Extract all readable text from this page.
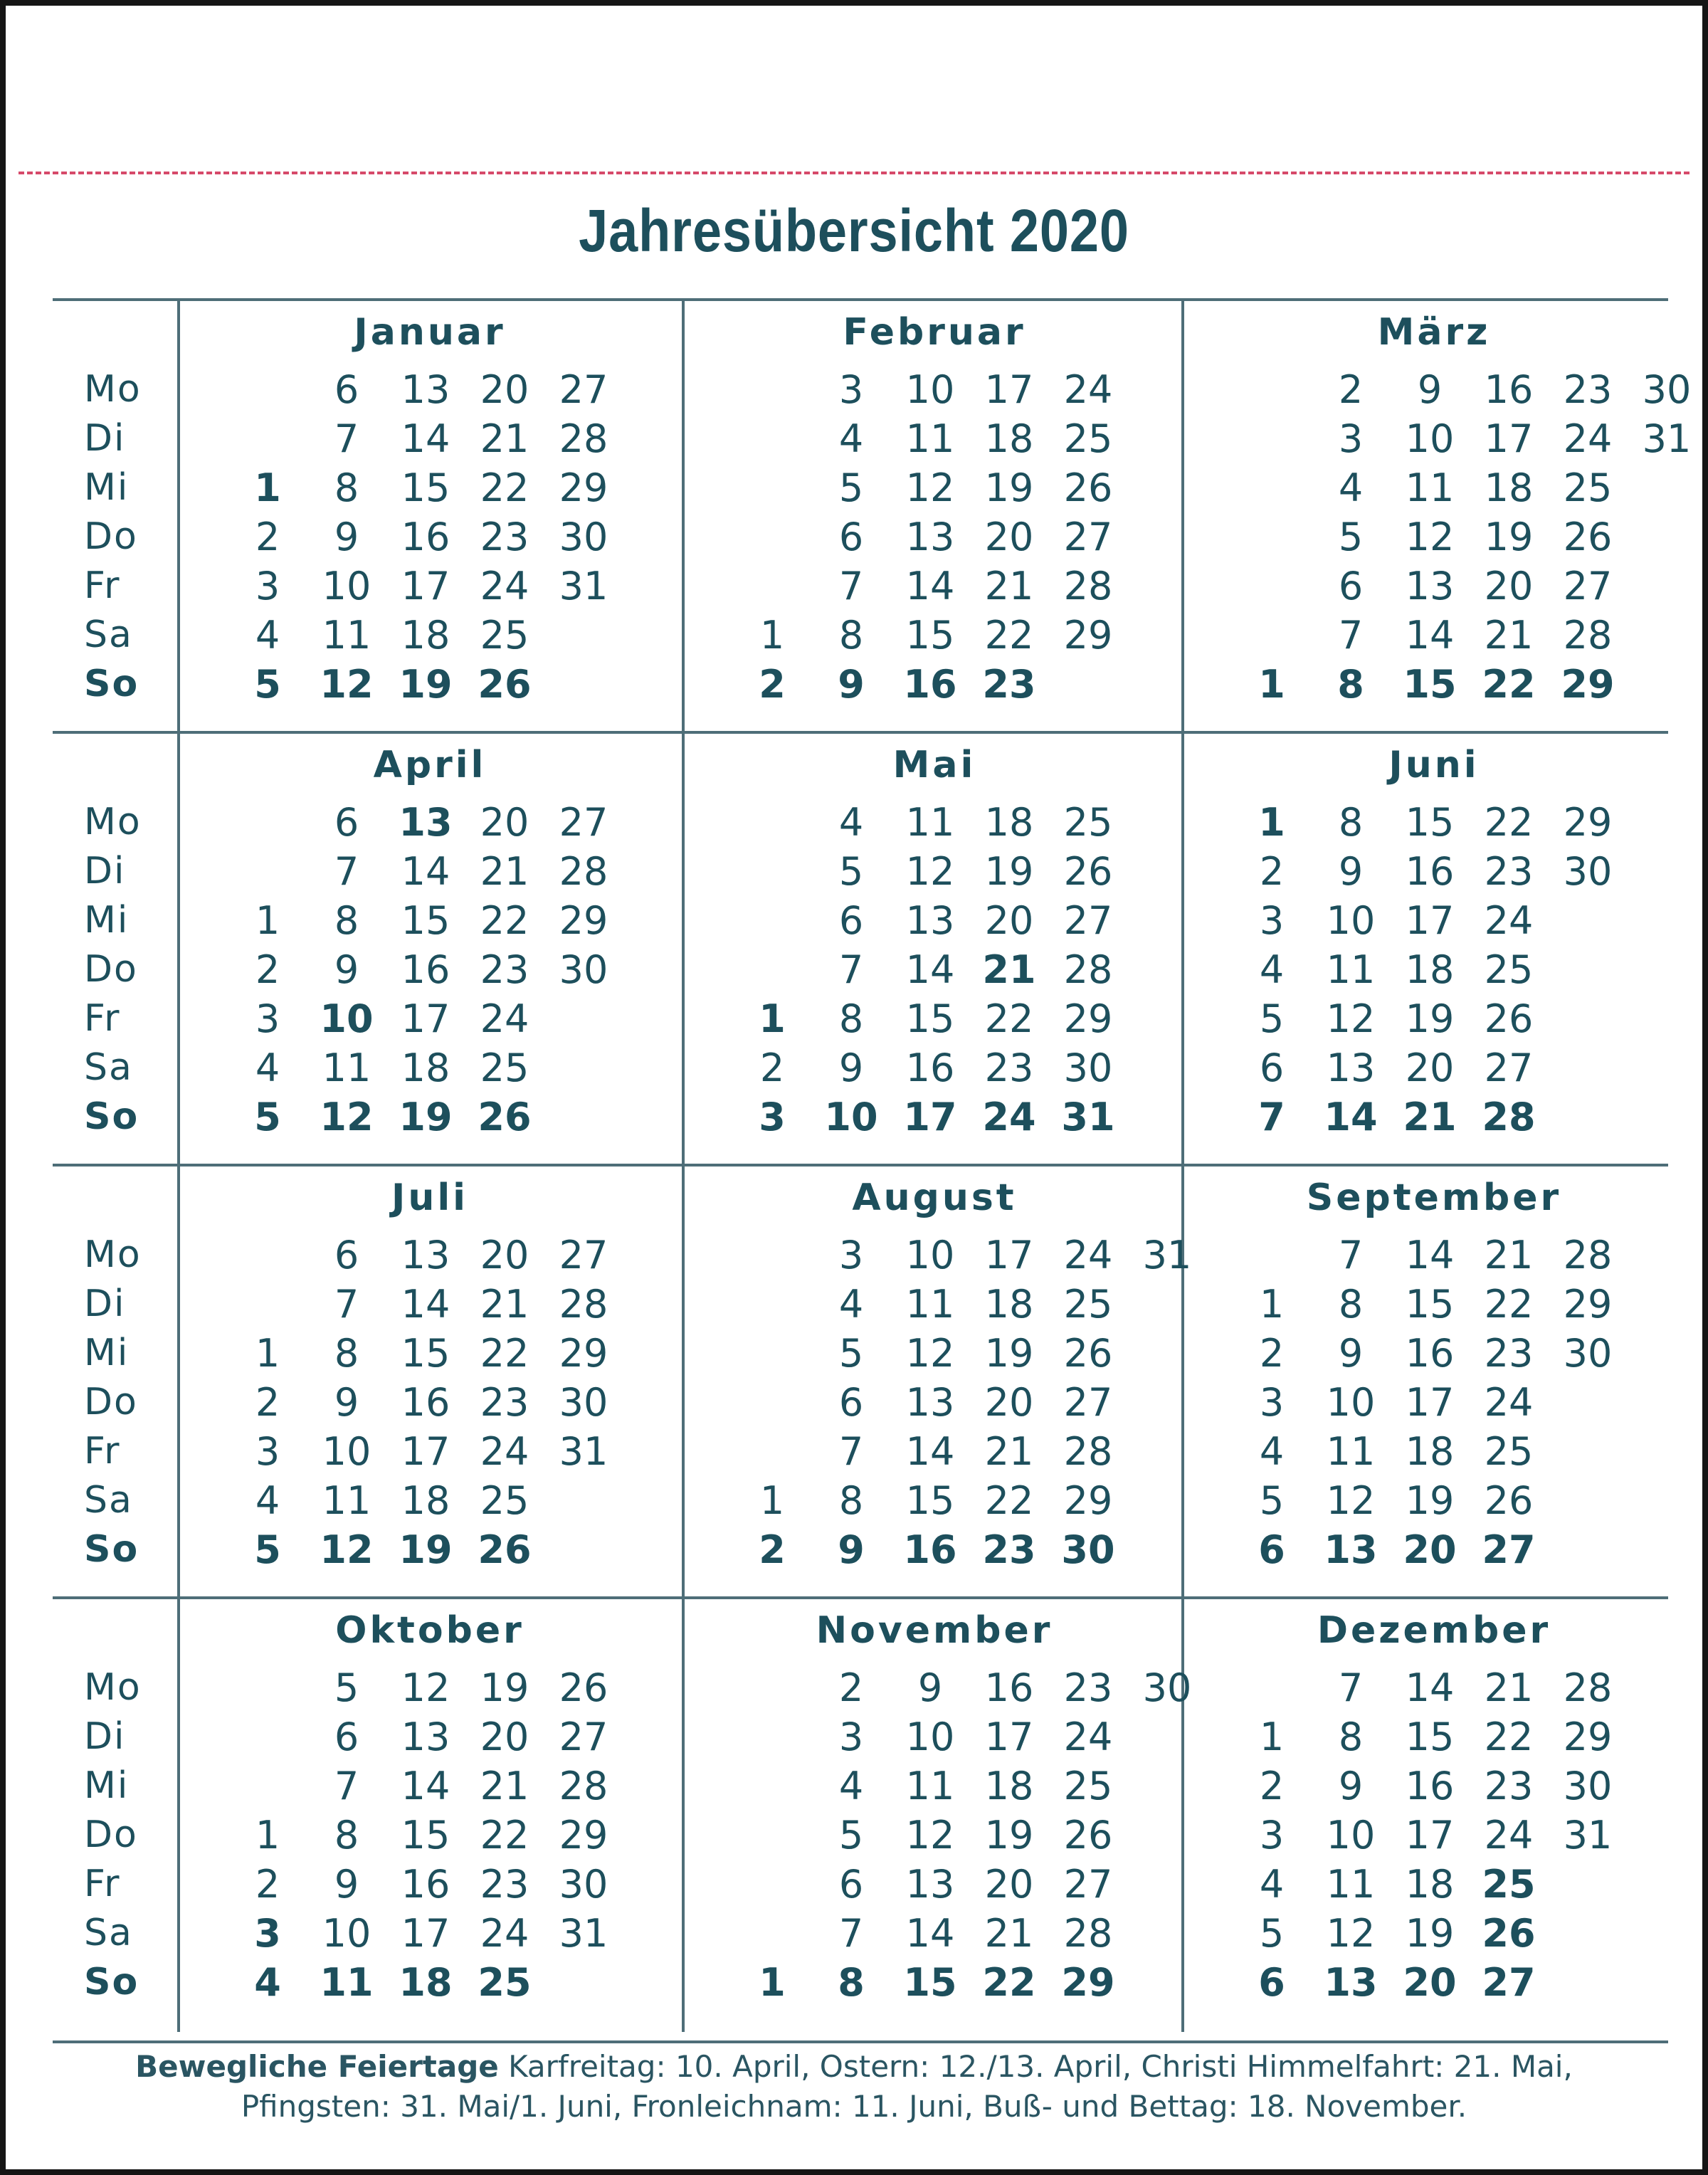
Jahresübersicht 2020
Mo
Di
Mi
Do
Fr
Sa
So
Januar
1
2
3
4
5
6
7
8
9
10
11
12
13
14
15
16
17
18
19
20
21
22
23
24
25
26
27
28
29
30
31
Februar
1
2
3
4
5
6
7
8
9
10
11
12
13
14
15
16
17
18
19
20
21
22
23
24
25
26
27
28
29
März
1
2
3
4
5
6
7
8
9
10
11
12
13
14
15
16
17
18
19
20
21
22
23
24
25
26
27
28
29
30
31
Mo
Di
Mi
Do
Fr
Sa
So
April
1
2
3
4
5
6
7
8
9
10
11
12
13
14
15
16
17
18
19
20
21
22
23
24
25
26
27
28
29
30
Mai
1
2
3
4
5
6
7
8
9
10
11
12
13
14
15
16
17
18
19
20
21
22
23
24
25
26
27
28
29
30
31
Juni
1
2
3
4
5
6
7
8
9
10
11
12
13
14
15
16
17
18
19
20
21
22
23
24
25
26
27
28
29
30
Mo
Di
Mi
Do
Fr
Sa
So
Juli
1
2
3
4
5
6
7
8
9
10
11
12
13
14
15
16
17
18
19
20
21
22
23
24
25
26
27
28
29
30
31
August
1
2
3
4
5
6
7
8
9
10
11
12
13
14
15
16
17
18
19
20
21
22
23
24
25
26
27
28
29
30
31
September
1
2
3
4
5
6
7
8
9
10
11
12
13
14
15
16
17
18
19
20
21
22
23
24
25
26
27
28
29
30
Mo
Di
Mi
Do
Fr
Sa
So
Oktober
1
2
3
4
5
6
7
8
9
10
11
12
13
14
15
16
17
18
19
20
21
22
23
24
25
26
27
28
29
30
31
November
1
2
3
4
5
6
7
8
9
10
11
12
13
14
15
16
17
18
19
20
21
22
23
24
25
26
27
28
29
30
Dezember
1
2
3
4
5
6
7
8
9
10
11
12
13
14
15
16
17
18
19
20
21
22
23
24
25
26
27
28
29
30
31
Bewegliche Feiertage Karfreitag: 10. April, Ostern: 12./13. April, Christi Himmelfahrt: 21. Mai,
Pfingsten: 31. Mai/1. Juni, Fronleichnam: 11. Juni, Buß- und Bettag: 18. November.
